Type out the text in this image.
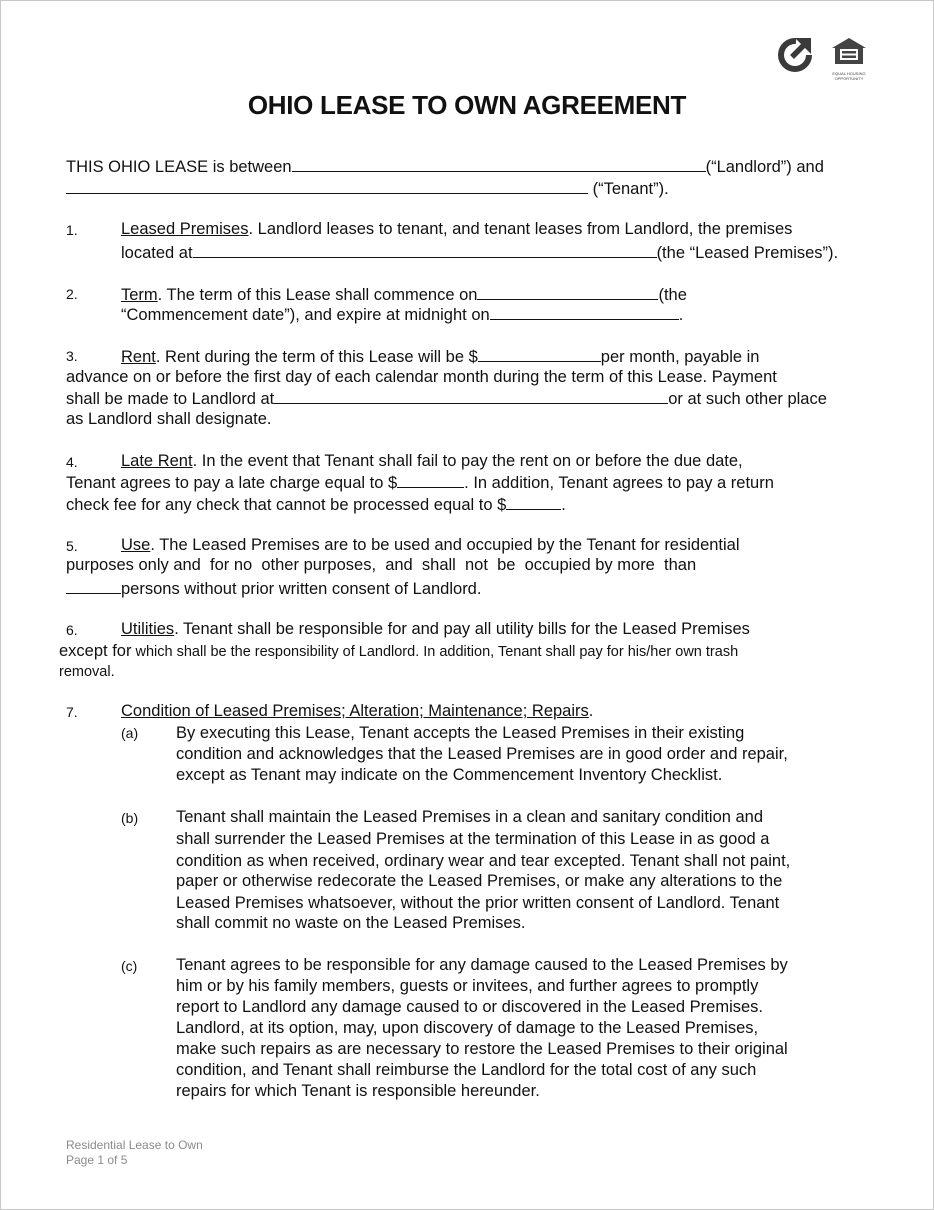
EQUAL HOUSING OPPORTUNITY
OHIO LEASE TO OWN AGREEMENT
THIS OHIO LEASE is between	(“Landlord”) and
(“Tenant”).
1.	Leased Premises. Landlord leases to tenant, and tenant leases from Landlord, the premises
located at	(the “Leased Premises”).
2.	Term. The term of this Lease shall commence on	(the
“Commencement date”), and expire at midnight on	.
3.	Rent. Rent during the term of this Lease will be $	per month, payable in
advance on or before the first day of each calendar month during the term of this Lease. Payment
shall be made to Landlord at	or at such other place
as Landlord shall designate.
4.	Late Rent. In the event that Tenant shall fail to pay the rent on or before the due date,
Tenant agrees to pay a late charge equal to $	. In addition, Tenant agrees to pay a return
check fee for any check that cannot be processed equal to $	.
5.	Use. The Leased Premises are to be used and occupied by the Tenant for residential
purposes only and  for no  other purposes,  and  shall  not  be  occupied by more  than
persons without prior written consent of Landlord.
6.	Utilities. Tenant shall be responsible for and pay all utility bills for the Leased Premises
except for which shall be the responsibility of Landlord. In addition, Tenant shall pay for his/her own trash
removal.
7.	Condition of Leased Premises; Alteration; Maintenance; Repairs.
(a) By executing this Lease, Tenant accepts the Leased Premises in their existing
condition and acknowledges that the Leased Premises are in good order and repair,
except as Tenant may indicate on the Commencement Inventory Checklist.
(b) Tenant shall maintain the Leased Premises in a clean and sanitary condition and
shall surrender the Leased Premises at the termination of this Lease in as good a
condition as when received, ordinary wear and tear excepted. Tenant shall not paint,
paper or otherwise redecorate the Leased Premises, or make any alterations to the
Leased Premises whatsoever, without the prior written consent of Landlord. Tenant
shall commit no waste on the Leased Premises.
(c) Tenant agrees to be responsible for any damage caused to the Leased Premises by
him or by his family members, guests or invitees, and further agrees to promptly
report to Landlord any damage caused to or discovered in the Leased Premises.
Landlord, at its option, may, upon discovery of damage to the Leased Premises,
make such repairs as are necessary to restore the Leased Premises to their original
condition, and Tenant shall reimburse the Landlord for the total cost of any such
repairs for which Tenant is responsible hereunder.
Residential Lease to Own
Page 1 of 5
